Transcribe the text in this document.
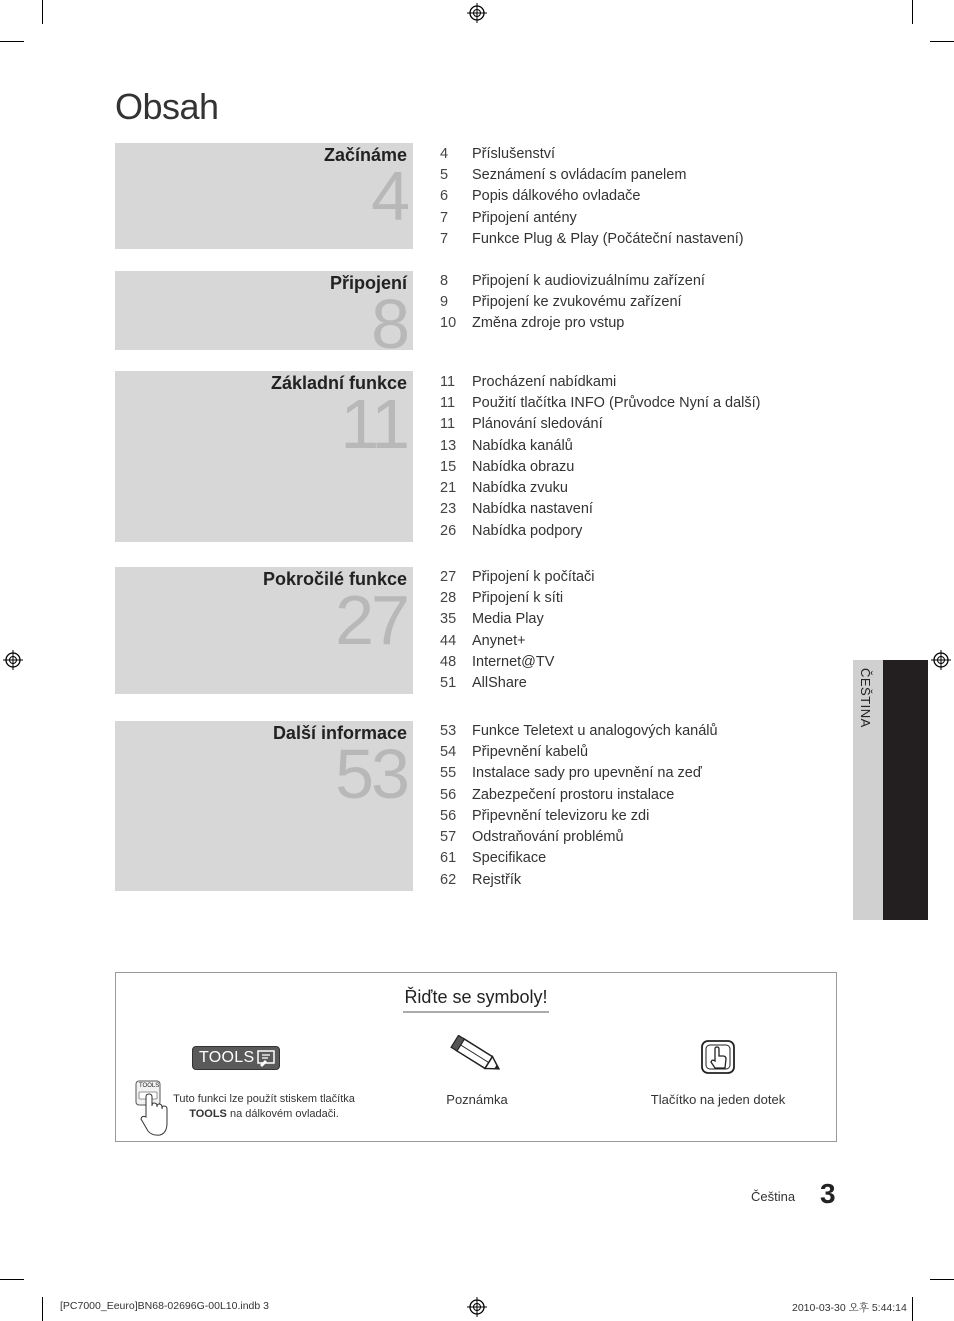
Obsah
Začínáme
4
4	Příslušenství
5	Seznámení s ovládacím panelem
6	Popis dálkového ovladače
7	Připojení antény
7	Funkce Plug & Play (Počáteční nastavení)
Připojení
8
8	Připojení k audiovizuálnímu zařízení
9	Připojení ke zvukovému zařízení
10	Změna zdroje pro vstup
Základní funkce
11
11	Procházení nabídkami
11	Použití tlačítka INFO (Průvodce Nyní a další)
11	Plánování sledování
13	Nabídka kanálů
15	Nabídka obrazu
21	Nabídka zvuku
23	Nabídka nastavení
26	Nabídka podpory
Pokročilé funkce
27
27	Připojení k počítači
28	Připojení k síti
35	Media Play
44	Anynet+
48	Internet@TV
51	AllShare
Další informace
53
53	Funkce Teletext u analogových kanálů
54	Připevnění kabelů
55	Instalace sady pro upevnění na zeď
56	Zabezpečení prostoru instalace
56	Připevnění televizoru ke zdi
57	Odstraňování problémů
61	Specifikace
62	Rejstřík
ČEŠTINA
Řiďte se symboly!
TOOLS
TOOLS
Tuto funkci lze použít stiskem tlačítka
TOOLS na dálkovém ovladači.
Poznámka	Tlačítko na jeden dotek
Čeština 3
[PC7000_Eeuro]BN68-02696G-00L10.indb 3	2010-03-30 오후 5:44:14
